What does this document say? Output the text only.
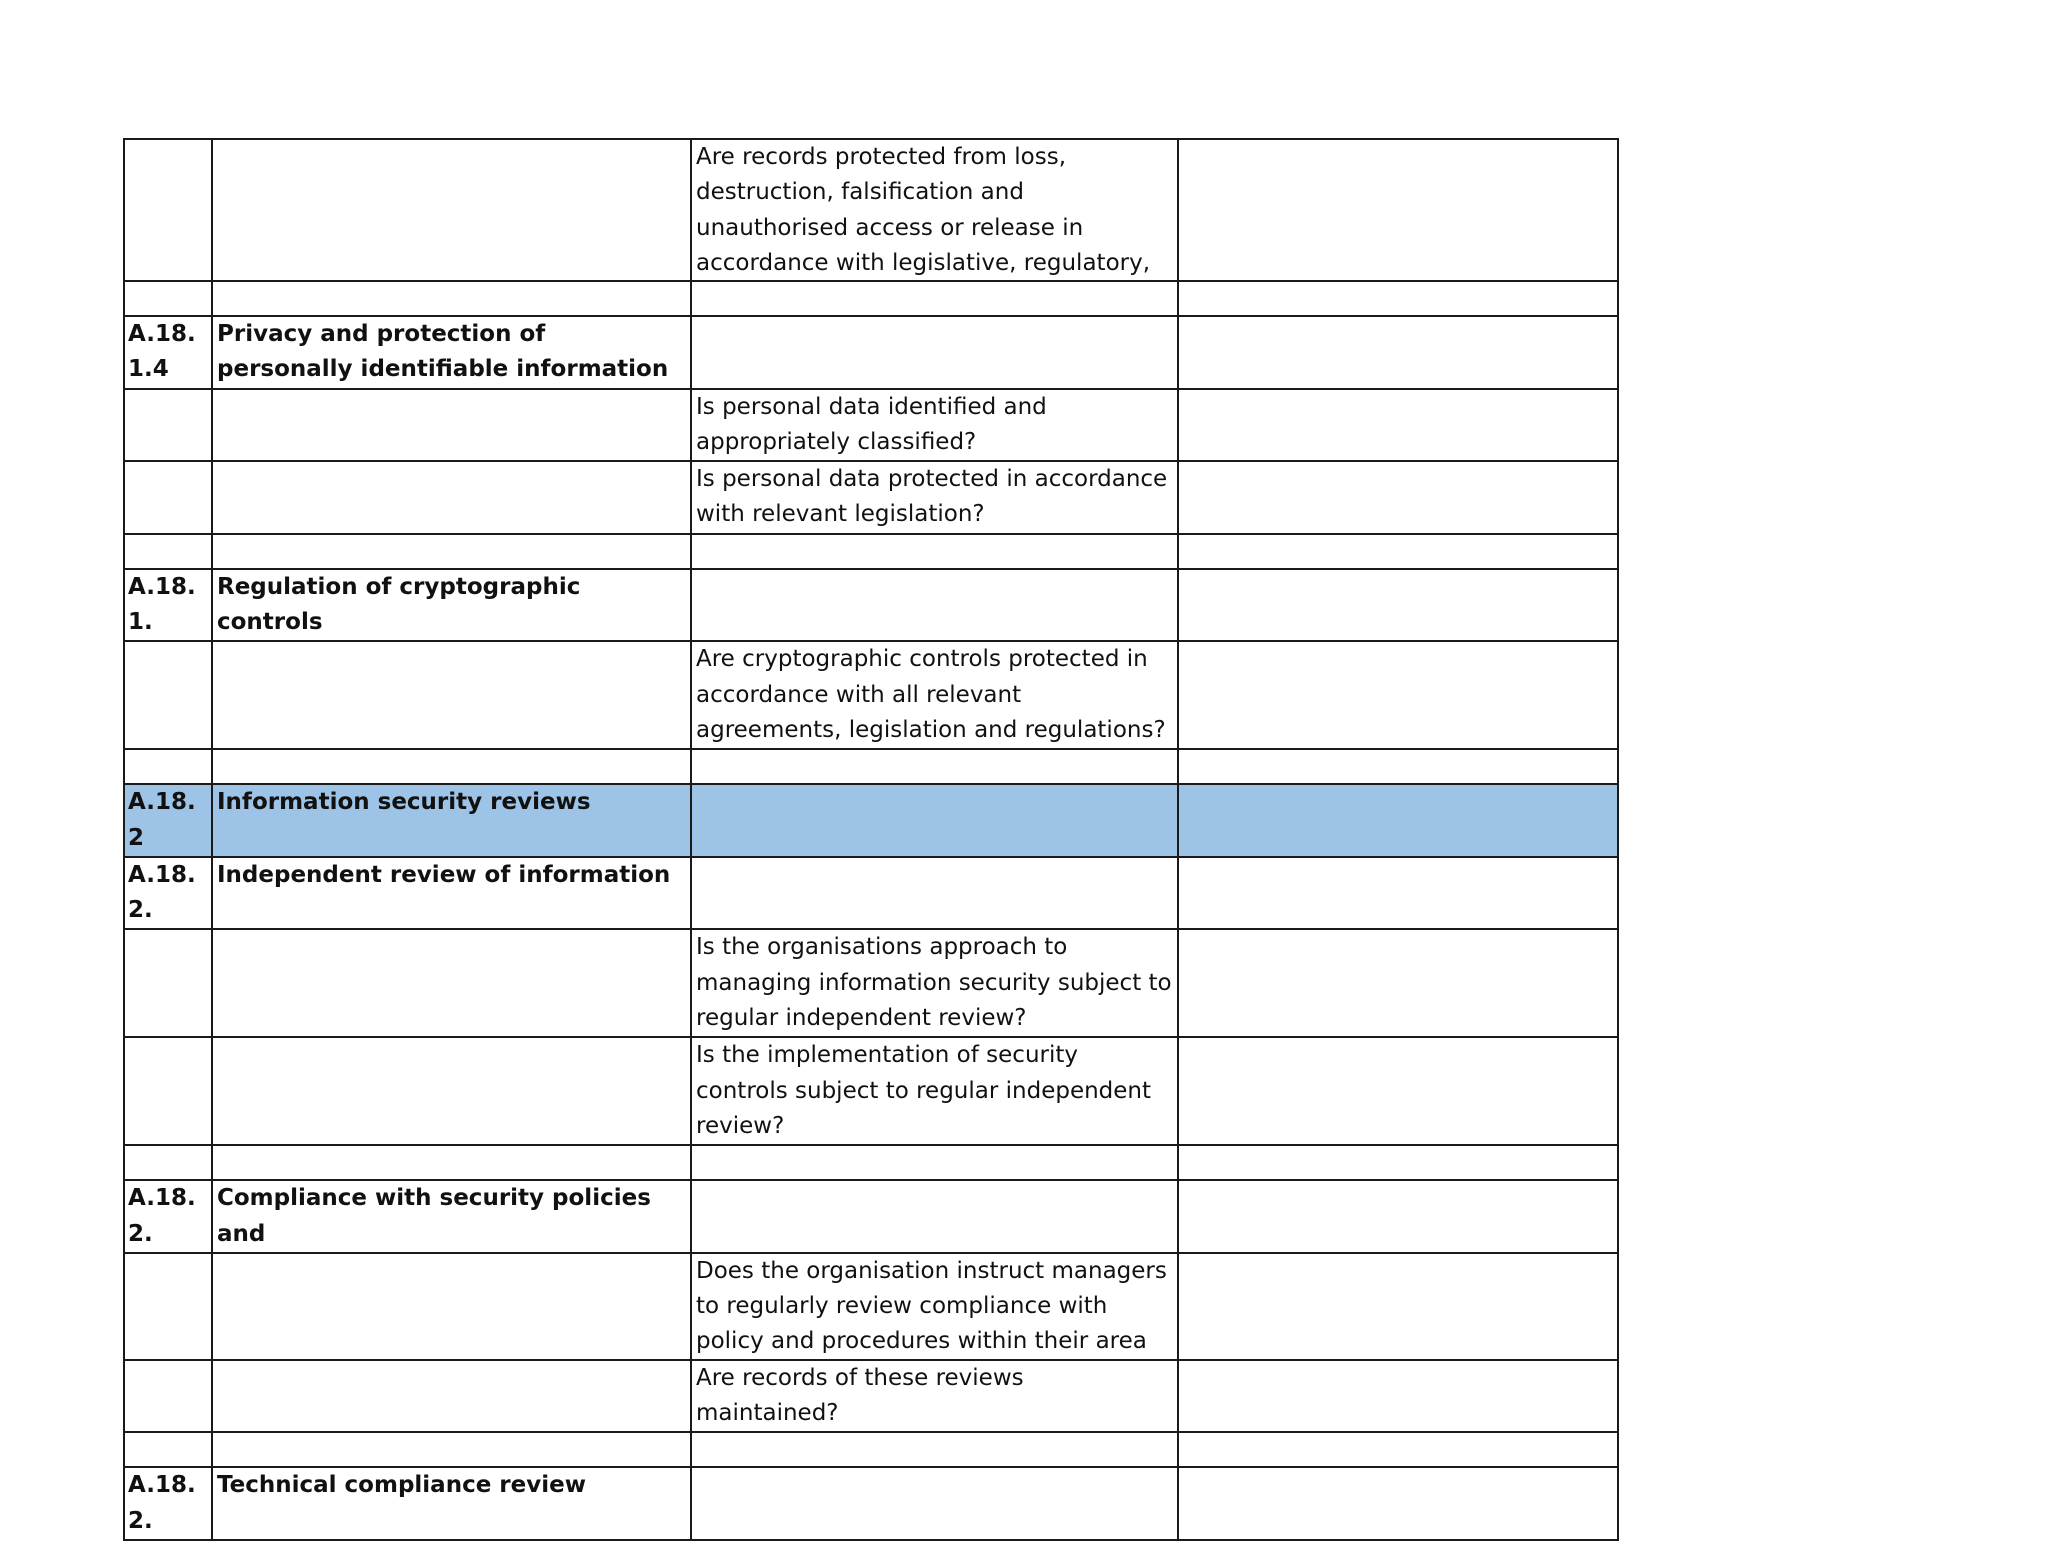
		Are records protected from loss, destruction, falsification and unauthorised access or release in accordance with legislative, regulatory,	

A.18.1.4	Privacy and protection of personally identifiable information		

		Is personal data identified and appropriately classified?	

		Is personal data protected in accordance with relevant legislation?	

A.18.1.	Regulation of cryptographic controls		

		Are cryptographic controls protected in accordance with all relevant agreements, legislation and regulations?	

A.18.2	Information security reviews		

A.18.2.	Independent review of information		

		Is the organisations approach to managing information security subject to regular independent review?	

		Is the implementation of security controls subject to regular independent review?	

A.18.2.	Compliance with security policies and		

		Does the organisation instruct managers to regularly review compliance with policy and procedures within their area	

		Are records of these reviews maintained?	

A.18.2.	Technical compliance review		
